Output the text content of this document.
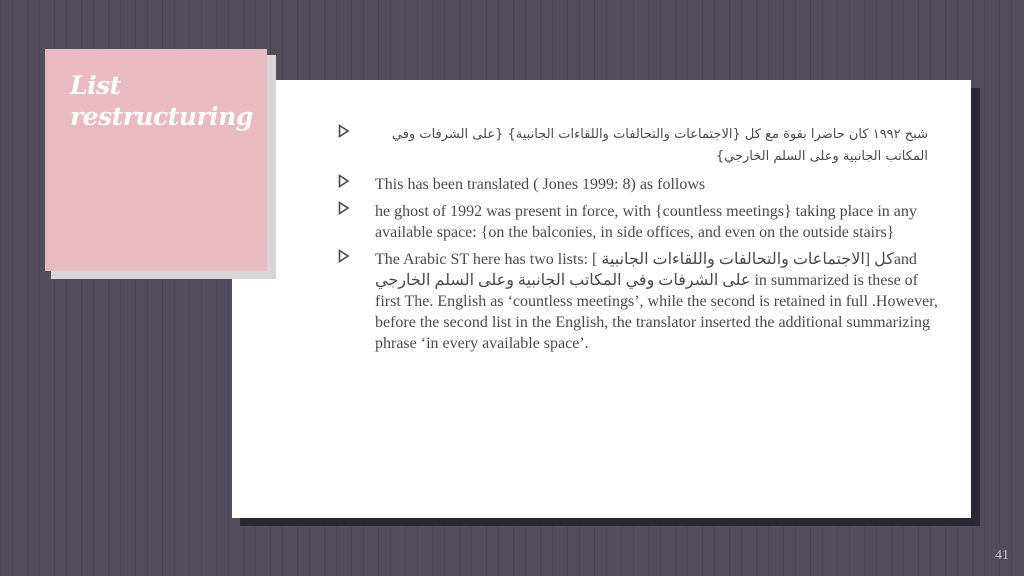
شبح ١٩٩٢ كان حاضرا بقوة مع كل {الاجتماعات والتحالفات واللقاءات الجانبية} {على الشرفات وفي المكاتب الجانبية وعلى السلم الخارجي}
This has been translated ( Jones 1999: 8) as follows
he ghost of 1992 was present in force, with {countless meetings} taking place in any available space: {on the balconies, in side offices, and even on the outside stairs}
The Arabic ST here has two lists: [ كل [الاجتماعات والتحالفات واللقاءات الجانبيةand على الشرفات وفي المكاتب الجانبية وعلى السلم الخارجي in summarized is these of first The. English as ‘countless meetings’, while the second is retained in full .However, before the second list in the English, the translator inserted the additional summarizing phrase ‘in every available space’.
List restructuring
41
